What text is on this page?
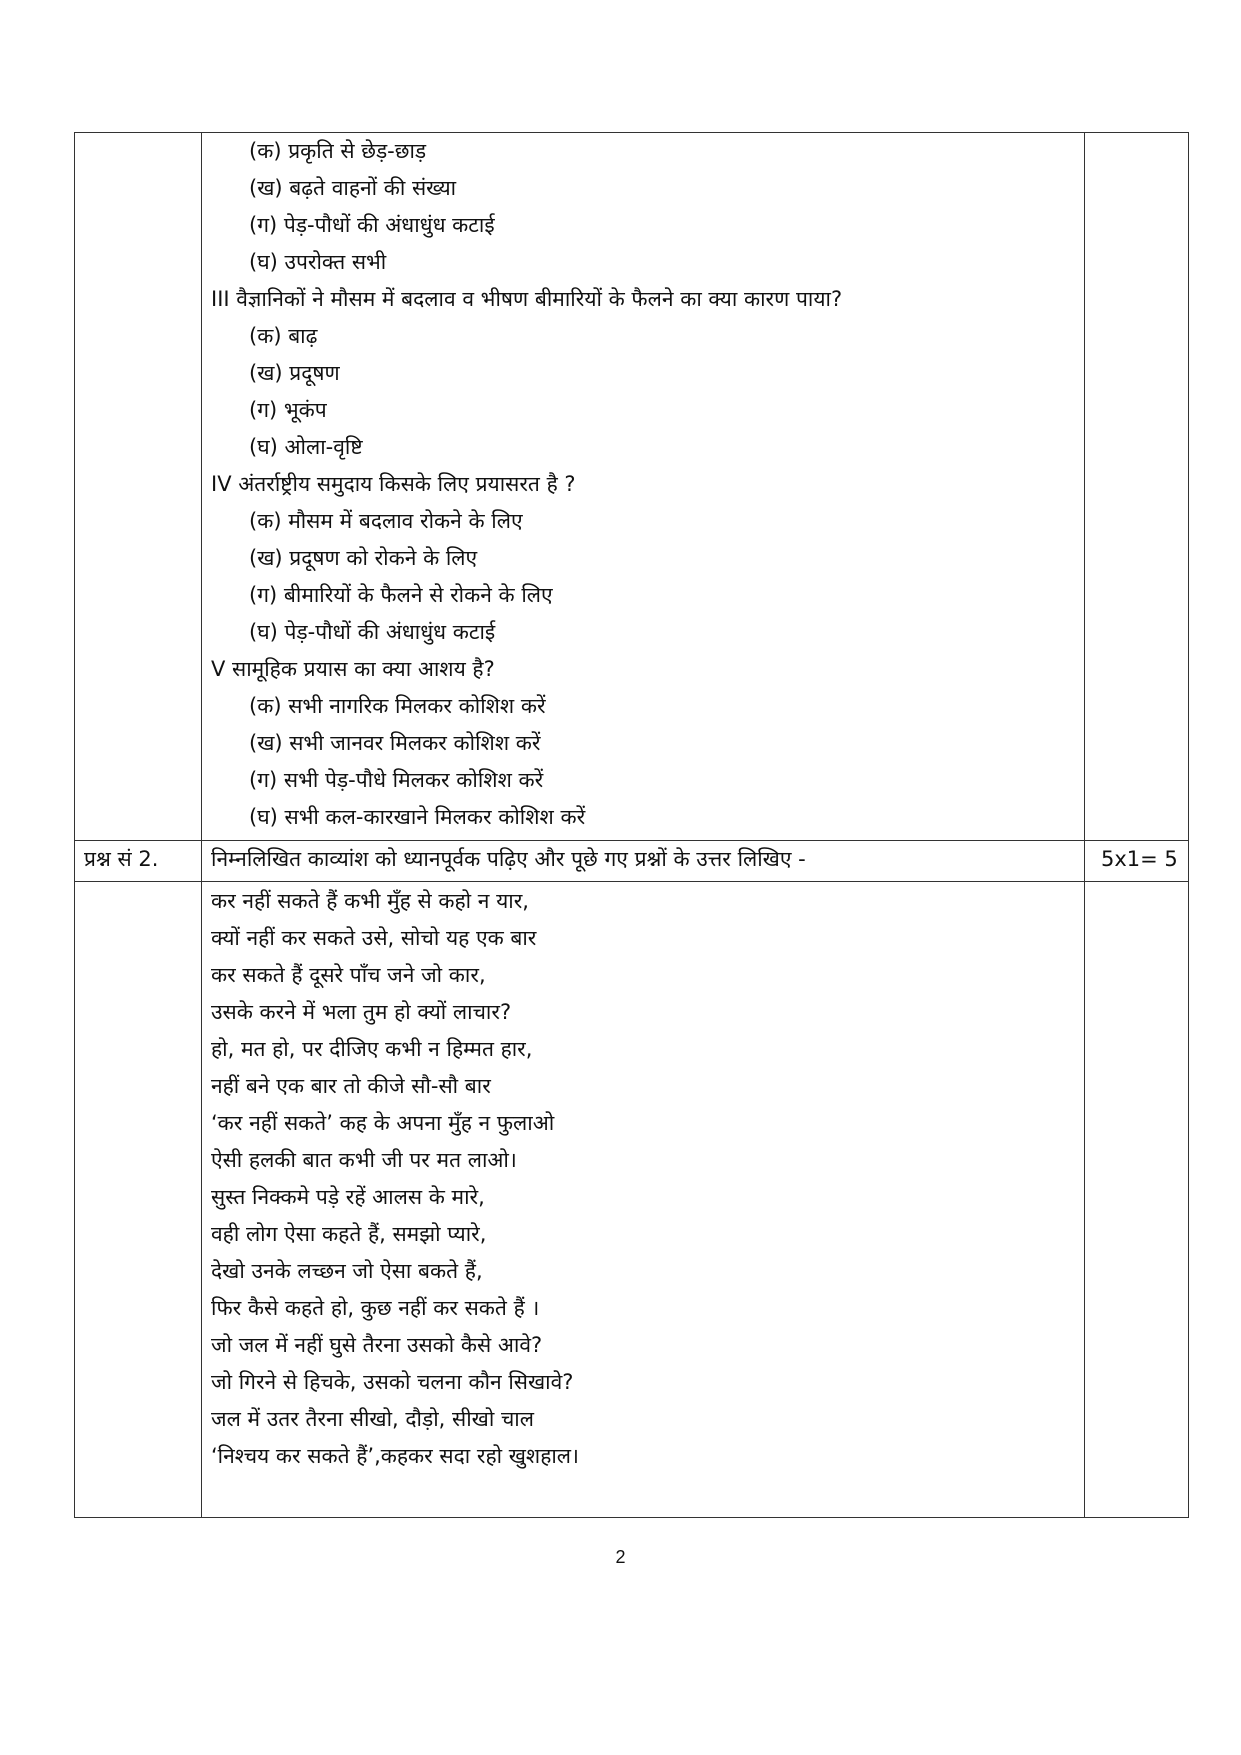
(क) प्रकृति से छेड़-छाड़
(ख) बढ़ते वाहनों की संख्या
(ग) पेड़-पौधों की अंधाधुंध कटाई
(घ) उपरोक्त सभी
III वैज्ञानिकों ने मौसम में बदलाव व भीषण बीमारियों के फैलने का क्या कारण पाया?
(क) बाढ़
(ख) प्रदूषण
(ग) भूकंप
(घ) ओला-वृष्टि
IV अंतर्राष्ट्रीय समुदाय किसके लिए प्रयासरत है ?
(क) मौसम में बदलाव रोकने के लिए
(ख) प्रदूषण को रोकने के लिए
(ग) बीमारियों के फैलने से रोकने के लिए
(घ) पेड़-पौधों की अंधाधुंध कटाई
V सामूहिक प्रयास का क्या आशय है?
(क) सभी नागरिक मिलकर कोशिश करें
(ख) सभी जानवर मिलकर कोशिश करें
(ग) सभी पेड़-पौधे मिलकर कोशिश करें
(घ) सभी कल-कारखाने मिलकर कोशिश करें
प्रश्न सं 2.	निम्नलिखित काव्यांश को ध्यानपूर्वक पढ़िए और पूछे गए प्रश्नों के उत्तर लिखिए -	5x1= 5
कर नहीं सकते हैं कभी मुँह से कहो न यार,
क्यों नहीं कर सकते उसे, सोचो यह एक बार
कर सकते हैं दूसरे पाँच जने जो कार,
उसके करने में भला तुम हो क्यों लाचार?
हो, मत हो, पर दीजिए कभी न हिम्मत हार,
नहीं बने एक बार तो कीजे सौ-सौ बार
‘कर नहीं सकते’ कह के अपना मुँह न फुलाओ
ऐसी हलकी बात कभी जी पर मत लाओ।
सुस्त निक्कमे पड़े रहें आलस के मारे,
वही लोग ऐसा कहते हैं, समझो प्यारे,
देखो उनके लच्छन जो ऐसा बकते हैं,
फिर कैसे कहते हो, कुछ नहीं कर सकते हैं ।
जो जल में नहीं घुसे तैरना उसको कैसे आवे?
जो गिरने से हिचके, उसको चलना कौन सिखावे?
जल में उतर तैरना सीखो, दौड़ो, सीखो चाल
‘निश्चय कर सकते हैं’,कहकर सदा रहो खुशहाल।
2
